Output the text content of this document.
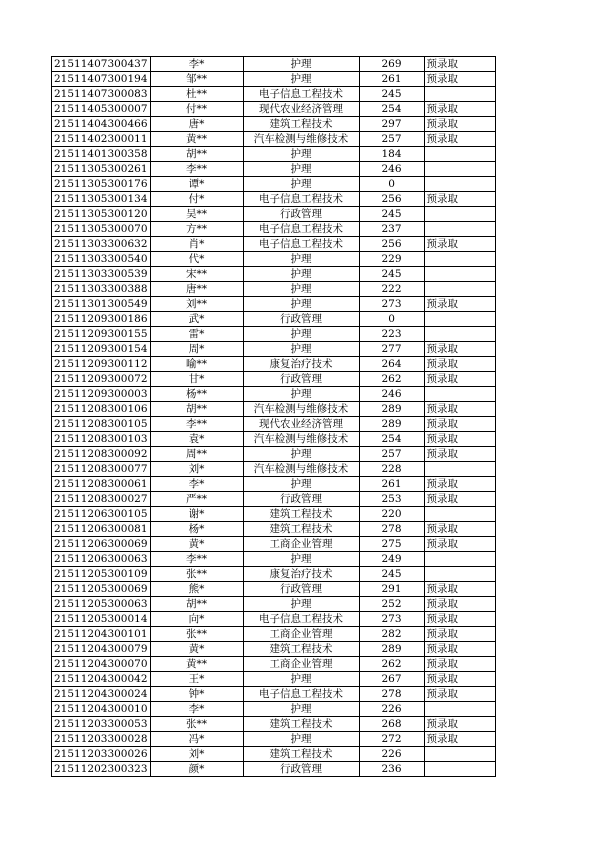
21511407300437	李*	护理	269	预录取
21511407300194	邹**	护理	261	预录取
21511407300083	杜**	电子信息工程技术	245	
21511405300007	付**	现代农业经济管理	254	预录取
21511404300466	唐*	建筑工程技术	297	预录取
21511402300011	黄**	汽车检测与维修技术	257	预录取
21511401300358	胡**	护理	184	
21511305300261	李**	护理	246	
21511305300176	谭*	护理	0	
21511305300134	付*	电子信息工程技术	256	预录取
21511305300120	吴**	行政管理	245	
21511305300070	方**	电子信息工程技术	237	
21511303300632	肖*	电子信息工程技术	256	预录取
21511303300540	代*	护理	229	
21511303300539	宋**	护理	245	
21511303300388	唐**	护理	222	
21511301300549	刘**	护理	273	预录取
21511209300186	武*	行政管理	0	
21511209300155	雷*	护理	223	
21511209300154	周*	护理	277	预录取
21511209300112	喻**	康复治疗技术	264	预录取
21511209300072	甘*	行政管理	262	预录取
21511209300003	杨**	护理	246	
21511208300106	胡**	汽车检测与维修技术	289	预录取
21511208300105	李**	现代农业经济管理	289	预录取
21511208300103	袁*	汽车检测与维修技术	254	预录取
21511208300092	周**	护理	257	预录取
21511208300077	刘*	汽车检测与维修技术	228	
21511208300061	李*	护理	261	预录取
21511208300027	严**	行政管理	253	预录取
21511206300105	谢*	建筑工程技术	220	
21511206300081	杨*	建筑工程技术	278	预录取
21511206300069	黄*	工商企业管理	275	预录取
21511206300063	李**	护理	249	
21511205300109	张**	康复治疗技术	245	
21511205300069	熊*	行政管理	291	预录取
21511205300063	胡**	护理	252	预录取
21511205300014	向*	电子信息工程技术	273	预录取
21511204300101	张**	工商企业管理	282	预录取
21511204300079	黄*	建筑工程技术	289	预录取
21511204300070	黄**	工商企业管理	262	预录取
21511204300042	王*	护理	267	预录取
21511204300024	钟*	电子信息工程技术	278	预录取
21511204300010	李*	护理	226	
21511203300053	张**	建筑工程技术	268	预录取
21511203300028	冯*	护理	272	预录取
21511203300026	刘*	建筑工程技术	226	
21511202300323	颜*	行政管理	236	
